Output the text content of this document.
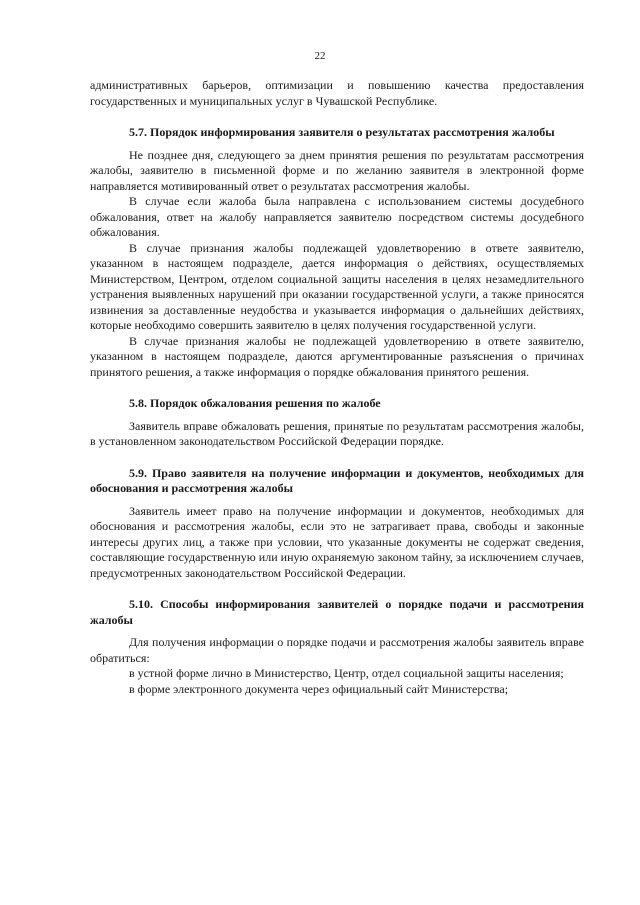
22

административных барьеров, оптимизации и повышению качества предоставления государственных и муниципальных услуг в Чувашской Республике.

5.7. Порядок информирования заявителя о результатах рассмотрения жалобы

Не позднее дня, следующего за днем принятия решения по результатам рассмотрения жалобы, заявителю в письменной форме и по желанию заявителя в электронной форме направляется мотивированный ответ о результатах рассмотрения жалобы.

В случае если жалоба была направлена с использованием системы досудебного обжалования, ответ на жалобу направляется заявителю посредством системы досудебного обжалования.

В случае признания жалобы подлежащей удовлетворению в ответе заявителю, указанном в настоящем подразделе, дается информация о действиях, осуществляемых Министерством, Центром, отделом социальной защиты населения в целях незамедлительного устранения выявленных нарушений при оказании государственной услуги, а также приносятся извинения за доставленные неудобства и указывается информация о дальнейших действиях, которые необходимо совершить заявителю в целях получения государственной услуги.

В случае признания жалобы не подлежащей удовлетворению в ответе заявителю, указанном в настоящем подразделе, даются аргументированные разъяснения о причинах принятого решения, а также информация о порядке обжалования принятого решения.

5.8. Порядок обжалования решения по жалобе

Заявитель вправе обжаловать решения, принятые по результатам рассмотрения жалобы, в установленном законодательством Российской Федерации порядке.

5.9. Право заявителя на получение информации и документов, необходимых для обоснования и рассмотрения жалобы

Заявитель имеет право на получение информации и документов, необходимых для обоснования и рассмотрения жалобы, если это не затрагивает права, свободы и законные интересы других лиц, а также при условии, что указанные документы не содержат сведения, составляющие государственную или иную охраняемую законом тайну, за исключением случаев, предусмотренных законодательством Российской Федерации.

5.10. Способы информирования заявителей о порядке подачи и рассмотрения жалобы

Для получения информации о порядке подачи и рассмотрения жалобы заявитель вправе обратиться:

в устной форме лично в Министерство, Центр, отдел социальной защиты населения;

в форме электронного документа через официальный сайт Министерства;
